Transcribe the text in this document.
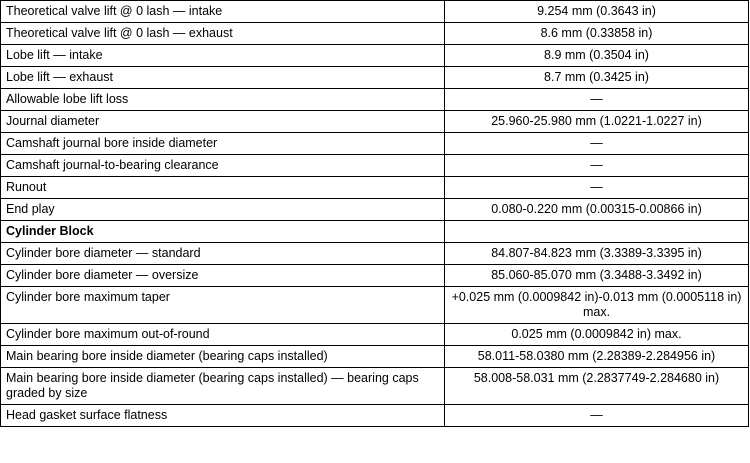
Theoretical valve lift @ 0 lash — intake	9.254 mm (0.3643 in)
Theoretical valve lift @ 0 lash — exhaust	8.6 mm (0.33858 in)
Lobe lift — intake	8.9 mm (0.3504 in)
Lobe lift — exhaust	8.7 mm (0.3425 in)
Allowable lobe lift loss	—
Journal diameter	25.960-25.980 mm (1.0221-1.0227 in)
Camshaft journal bore inside diameter	—
Camshaft journal-to-bearing clearance	—
Runout	—
End play	0.080-0.220 mm (0.00315-0.00866 in)
Cylinder Block	
Cylinder bore diameter — standard	84.807-84.823 mm (3.3389-3.3395 in)
Cylinder bore diameter — oversize	85.060-85.070 mm (3.3488-3.3492 in)
Cylinder bore maximum taper	+0.025 mm (0.0009842 in)-0.013 mm (0.0005118 in) max.
Cylinder bore maximum out-of-round	0.025 mm (0.0009842 in) max.
Main bearing bore inside diameter (bearing caps installed)	58.011-58.0380 mm (2.28389-2.284956 in)
Main bearing bore inside diameter (bearing caps installed) — bearing caps graded by size	58.008-58.031 mm (2.2837749-2.284680 in)
Head gasket surface flatness	—
